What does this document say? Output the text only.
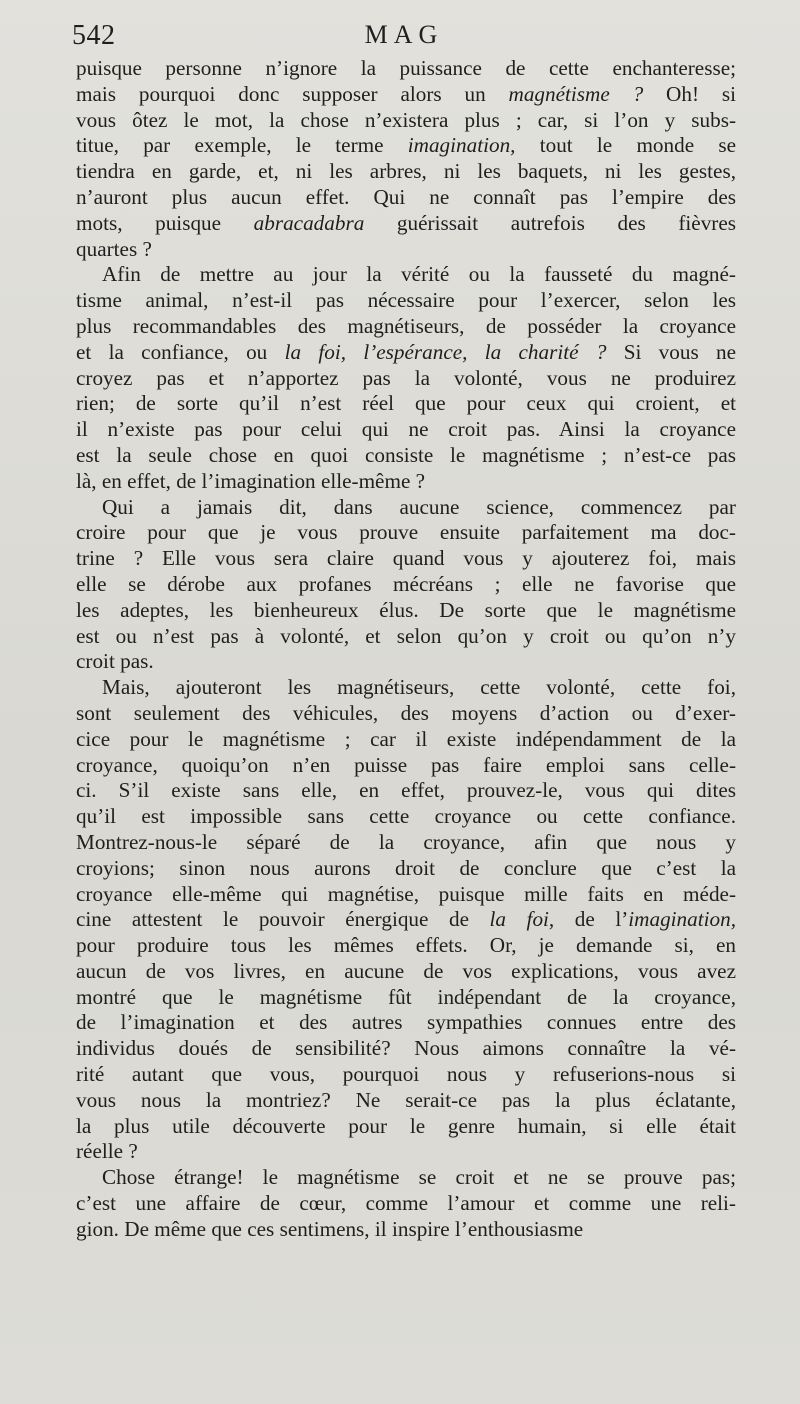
542	MAG

puisque personne n’ignore la puissance de cette enchanteresse;
mais pourquoi donc supposer alors un magnétisme ? Oh! si
vous ôtez le mot, la chose n’existera plus ; car, si l’on y subs-
titue, par exemple, le terme imagination, tout le monde se
tiendra en garde, et, ni les arbres, ni les baquets, ni les gestes,
n’auront plus aucun effet. Qui ne connaît pas l’empire des
mots, puisque abracadabra guérissait autrefois des fièvres
quartes ?

Afin de mettre au jour la vérité ou la fausseté du magné-
tisme animal, n’est-il pas nécessaire pour l’exercer, selon les
plus recommandables des magnétiseurs, de posséder la croyance
et la confiance, ou la foi, l’espérance, la charité ? Si vous ne
croyez pas et n’apportez pas la volonté, vous ne produirez
rien; de sorte qu’il n’est réel que pour ceux qui croient, et
il n’existe pas pour celui qui ne croit pas. Ainsi la croyance
est la seule chose en quoi consiste le magnétisme ; n’est-ce pas
là, en effet, de l’imagination elle-même ?

Qui a jamais dit, dans aucune science, commencez par
croire pour que je vous prouve ensuite parfaitement ma doc-
trine ? Elle vous sera claire quand vous y ajouterez foi, mais
elle se dérobe aux profanes mécréans ; elle ne favorise que
les adeptes, les bienheureux élus. De sorte que le magnétisme
est ou n’est pas à volonté, et selon qu’on y croit ou qu’on n’y
croit pas.

Mais, ajouteront les magnétiseurs, cette volonté, cette foi,
sont seulement des véhicules, des moyens d’action ou d’exer-
cice pour le magnétisme ; car il existe indépendamment de la
croyance, quoiqu’on n’en puisse pas faire emploi sans celle-
ci. S’il existe sans elle, en effet, prouvez-le, vous qui dites
qu’il est impossible sans cette croyance ou cette confiance.
Montrez-nous-le séparé de la croyance, afin que nous y
croyions; sinon nous aurons droit de conclure que c’est la
croyance elle-même qui magnétise, puisque mille faits en méde-
cine attestent le pouvoir énergique de la foi, de l’imagination,
pour produire tous les mêmes effets. Or, je demande si, en
aucun de vos livres, en aucune de vos explications, vous avez
montré que le magnétisme fût indépendant de la croyance,
de l’imagination et des autres sympathies connues entre des
individus doués de sensibilité? Nous aimons connaître la vé-
rité autant que vous, pourquoi nous y refuserions-nous si
vous nous la montriez? Ne serait-ce pas la plus éclatante,
la plus utile découverte pour le genre humain, si elle était
réelle ?

Chose étrange! le magnétisme se croit et ne se prouve pas;
c’est une affaire de cœur, comme l’amour et comme une reli-
gion. De même que ces sentimens, il inspire l’enthousiasme
